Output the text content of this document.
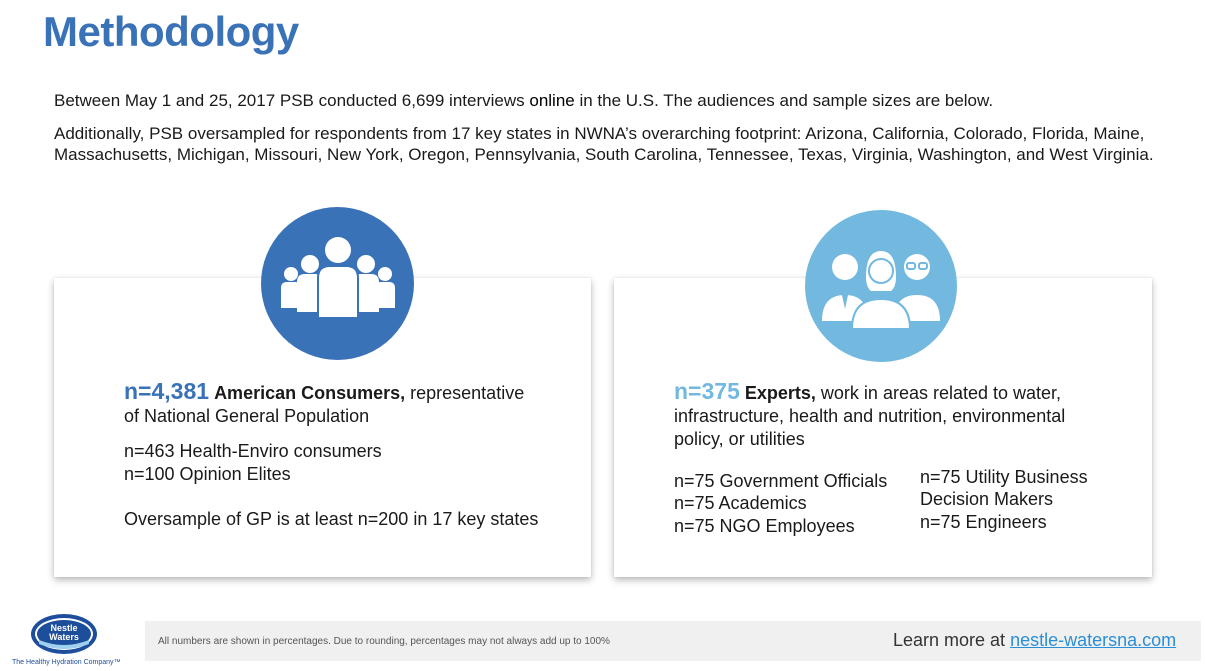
Methodology

Between May 1 and 25, 2017 PSB conducted 6,699 interviews online in the U.S. The audiences and sample sizes are below.

Additionally, PSB oversampled for respondents from 17 key states in NWNA’s overarching footprint: Arizona, California, Colorado, Florida, Maine, Massachusetts, Michigan, Missouri, New York, Oregon, Pennsylvania, South Carolina, Tennessee, Texas, Virginia, Washington, and West Virginia.

n=4,381 American Consumers, representative
of National General Population
n=463 Health-Enviro consumers
n=100 Opinion Elites
Oversample of GP is at least n=200 in 17 key states
n=375 Experts, work in areas related to water,
infrastructure, health and nutrition, environmental
policy, or utilities
n=75 Government Officials
n=75 Academics
n=75 NGO Employees
n=75 Utility Business
Decision Makers
n=75 Engineers
All numbers are shown in percentages. Due to rounding, percentages may not always add up to 100%	Learn more at nestle-watersna.com
Nestle
Waters
The Healthy Hydration Company™
